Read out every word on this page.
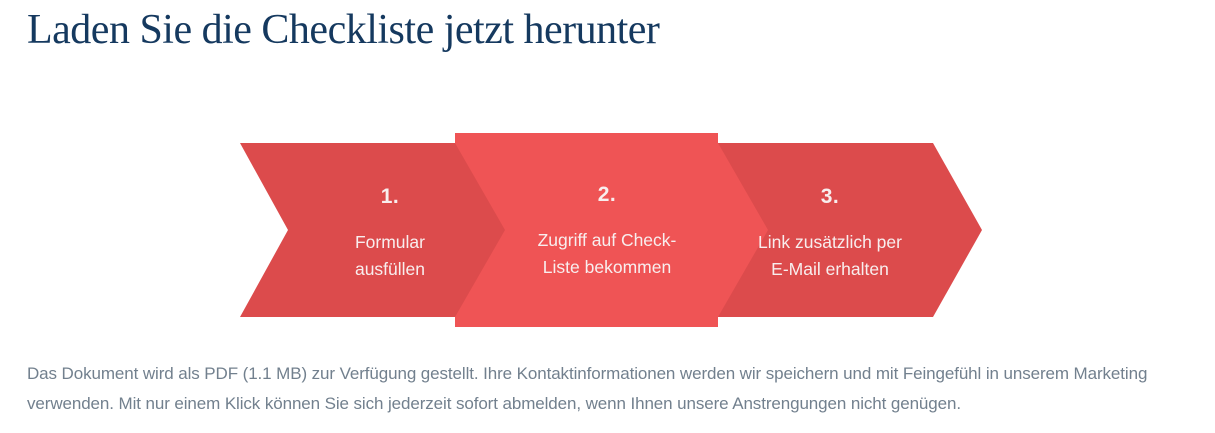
Laden Sie die Checkliste jetzt herunter
1.
Formular
ausfüllen
2.
Zugriff auf Check-
Liste bekommen
3.
Link zusätzlich per
E-Mail erhalten
Das Dokument wird als PDF (1.1 MB) zur Verfügung gestellt. Ihre Kontaktinformationen werden wir speichern und mit Feingefühl in unserem Marketing
verwenden. Mit nur einem Klick können Sie sich jederzeit sofort abmelden, wenn Ihnen unsere Anstrengungen nicht genügen.
